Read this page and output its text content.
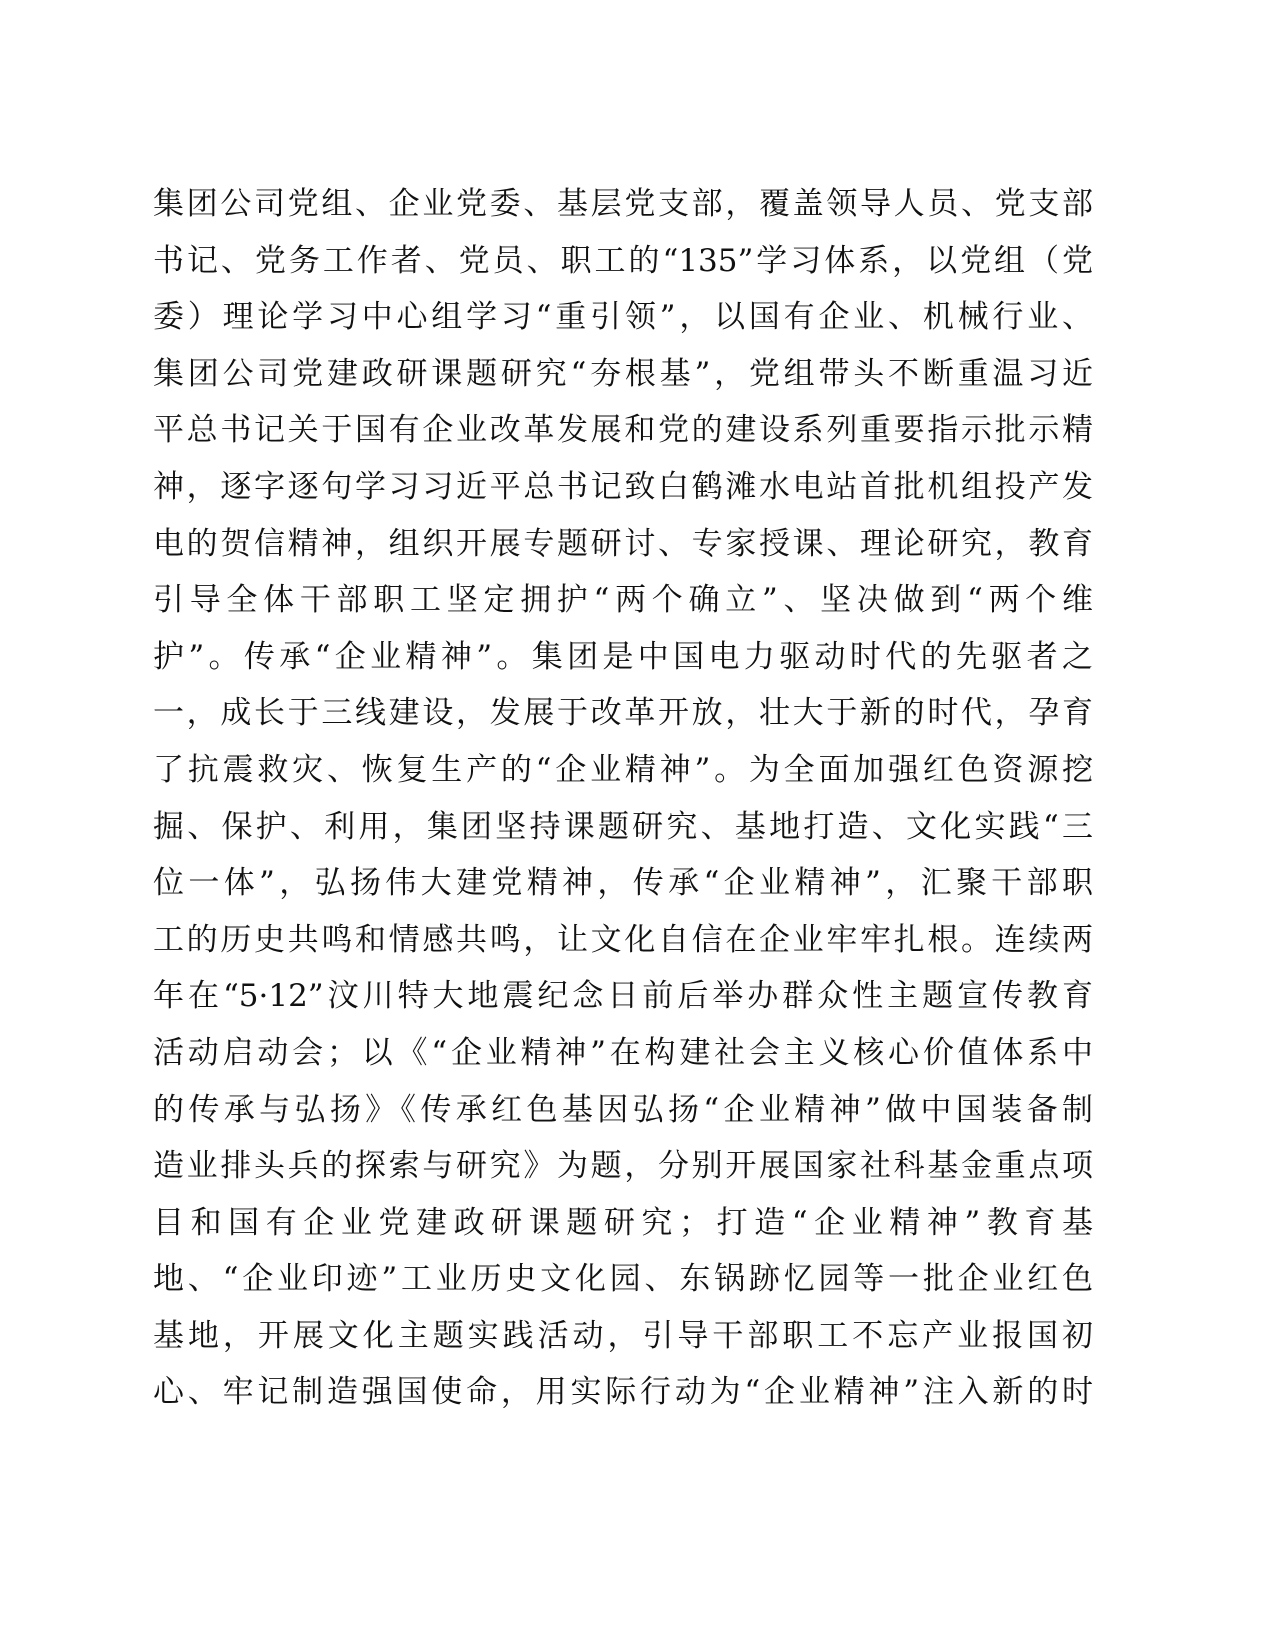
集团公司党组、企业党委、基层党支部，覆盖领导人员、党支部
书记、党务工作者、党员、职工的“135”学习体系，以党组（党
委）理论学习中心组学习“重引领”，以国有企业、机械行业、
集团公司党建政研课题研究“夯根基”，党组带头不断重温习近
平总书记关于国有企业改革发展和党的建设系列重要指示批示精
神，逐字逐句学习习近平总书记致白鹤滩水电站首批机组投产发
电的贺信精神，组织开展专题研讨、专家授课、理论研究，教育
引导全体干部职工坚定拥护“两个确立”、坚决做到“两个维
护”。传承“企业精神”。集团是中国电力驱动时代的先驱者之
一，成长于三线建设，发展于改革开放，壮大于新的时代，孕育
了抗震救灾、恢复生产的“企业精神”。为全面加强红色资源挖
掘、保护、利用，集团坚持课题研究、基地打造、文化实践“三
位一体”，弘扬伟大建党精神，传承“企业精神”，汇聚干部职
工的历史共鸣和情感共鸣，让文化自信在企业牢牢扎根。连续两
年在“5·12”汶川特大地震纪念日前后举办群众性主题宣传教育
活动启动会；以《“企业精神”在构建社会主义核心价值体系中
的传承与弘扬》《传承红色基因弘扬“企业精神”做中国装备制
造业排头兵的探索与研究》为题，分别开展国家社科基金重点项
目和国有企业党建政研课题研究；打造“企业精神”教育基
地、“企业印迹”工业历史文化园、东锅跡忆园等一批企业红色
基地，开展文化主题实践活动，引导干部职工不忘产业报国初
心、牢记制造强国使命，用实际行动为“企业精神”注入新的时
